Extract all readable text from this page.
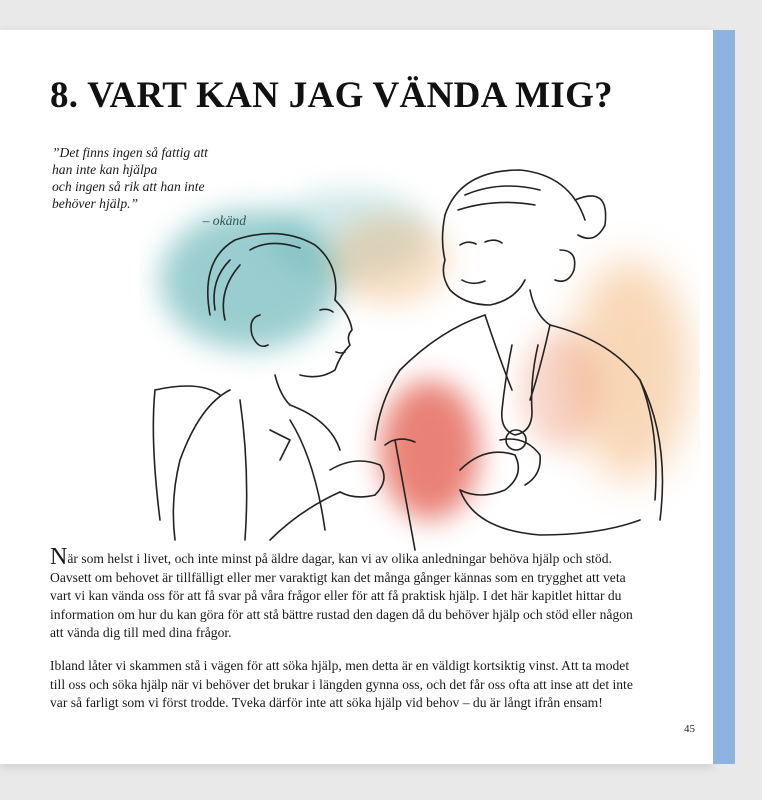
8. VART KAN JAG VÄNDA MIG?
”Det finns ingen så fattig att
han inte kan hjälpa
och ingen så rik att han inte
behöver hjälp.”

När som helst i livet, och inte minst på äldre dagar, kan vi av olika anledningar behöva hjälp och stöd.
Oavsett om behovet är tillfälligt eller mer varaktigt kan det många gånger kännas som en trygghet att veta
vart vi kan vända oss för att få svar på våra frågor eller för att få praktisk hjälp. I det här kapitlet hittar du
information om hur du kan göra för att stå bättre rustad den dagen då du behöver hjälp och stöd eller någon
att vända dig till med dina frågor.

Ibland låter vi skammen stå i vägen för att söka hjälp, men detta är en väldigt kortsiktig vinst. Att ta modet
till oss och söka hjälp när vi behöver det brukar i längden gynna oss, och det får oss ofta att inse att det inte
var så farligt som vi först trodde. Tveka därför inte att söka hjälp vid behov – du är långt ifrån ensam!

45
